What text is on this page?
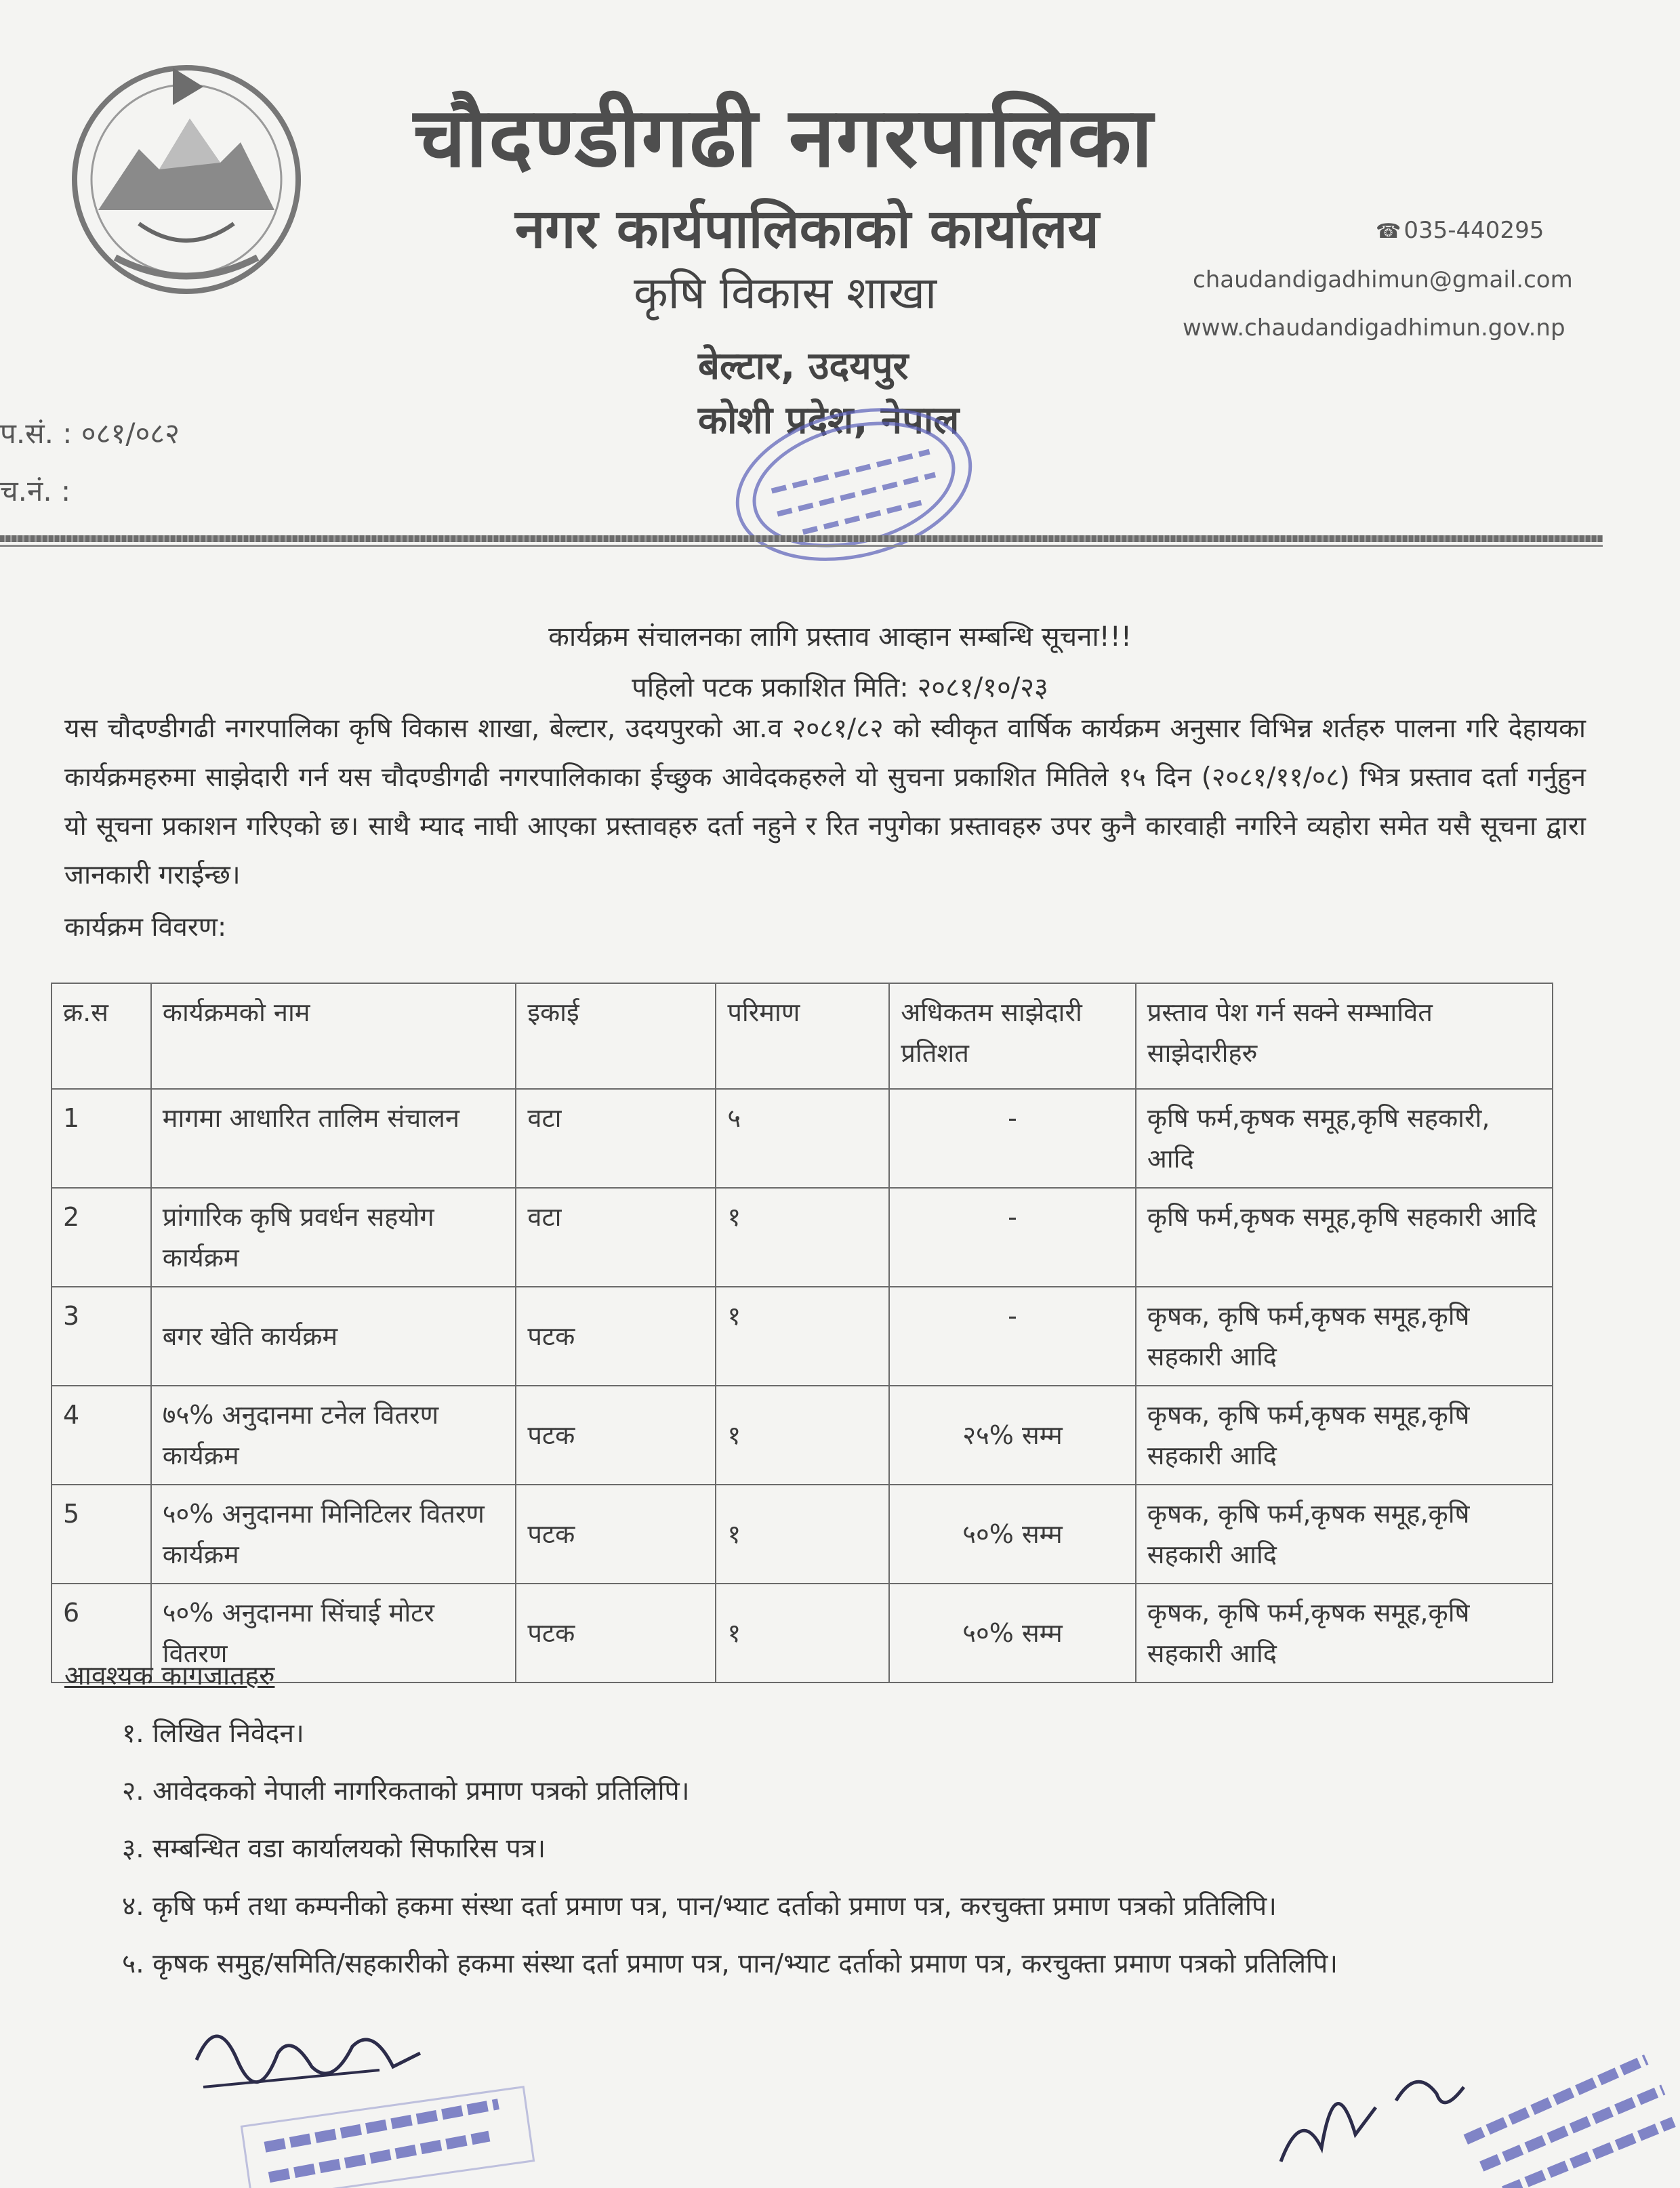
चौदण्डीगढी नगरपालिका
नगर कार्यपालिकाको कार्यालय
कृषि विकास शाखा
बेल्टार, उदयपुर
कोशी प्रदेश, नेपाल
☎ 035-440295
chaudandigadhimun@gmail.com
www.chaudandigadhimun.gov.np
प.सं. : ०८१/०८२
च.नं. :
कार्यक्रम संचालनका लागि प्रस्ताव आव्हान सम्बन्धि सूचना!!!
पहिलो पटक प्रकाशित मिति: २०८१/१०/२३
यस चौदण्डीगढी नगरपालिका कृषि विकास शाखा, बेल्टार, उदयपुरको आ.व २०८१/८२ को स्वीकृत वार्षिक कार्यक्रम अनुसार विभिन्न शर्तहरु पालना गरि देहायका कार्यक्रमहरुमा साझेदारी गर्न यस चौदण्डीगढी नगरपालिकाका ईच्छुक आवेदकहरुले यो सुचना प्रकाशित मितिले १५ दिन (२०८१/११/०८) भित्र प्रस्ताव दर्ता गर्नुहुन यो सूचना प्रकाशन गरिएको छ। साथै म्याद नाघी आएका प्रस्तावहरु दर्ता नहुने र रित नपुगेका प्रस्तावहरु उपर कुनै कारवाही नगरिने व्यहोरा समेत यसै सूचना द्वारा जानकारी गराईन्छ।
कार्यक्रम विवरण:
क्र.स	कार्यक्रमको नाम	इकाई	परिमाण	अधिकतम साझेदारी प्रतिशत	प्रस्ताव पेश गर्न सक्ने सम्भावित साझेदारीहरु
1	मागमा आधारित तालिम संचालन	वटा	५	-	कृषि फर्म,कृषक समूह,कृषि सहकारी, आदि
2	प्रांगारिक कृषि प्रवर्धन सहयोग कार्यक्रम	वटा	१	-	कृषि फर्म,कृषक समूह,कृषि सहकारी आदि
3	बगर खेति कार्यक्रम	पटक	१	-	कृषक, कृषि फर्म,कृषक समूह,कृषि सहकारी आदि
4	७५% अनुदानमा टनेल वितरण कार्यक्रम	पटक	१	२५% सम्म	कृषक, कृषि फर्म,कृषक समूह,कृषि सहकारी आदि
5	५०% अनुदानमा मिनिटिलर वितरण कार्यक्रम	पटक	१	५०% सम्म	कृषक, कृषि फर्म,कृषक समूह,कृषि सहकारी आदि
6	५०% अनुदानमा सिंचाई मोटर वितरण	पटक	१	५०% सम्म	कृषक, कृषि फर्म,कृषक समूह,कृषि सहकारी आदि
आवश्यक कागजातहरु
१. लिखित निवेदन।
२. आवेदकको नेपाली नागरिकताको प्रमाण पत्रको प्रतिलिपि।
३. सम्बन्धित वडा कार्यालयको सिफारिस पत्र।
४. कृषि फर्म तथा कम्पनीको हकमा संस्था दर्ता प्रमाण पत्र, पान/भ्याट दर्ताको प्रमाण पत्र, करचुक्ता प्रमाण पत्रको प्रतिलिपि।
५. कृषक समुह/समिति/सहकारीको हकमा संस्था दर्ता प्रमाण पत्र, पान/भ्याट दर्ताको प्रमाण पत्र, करचुक्ता प्रमाण पत्रको प्रतिलिपि।
